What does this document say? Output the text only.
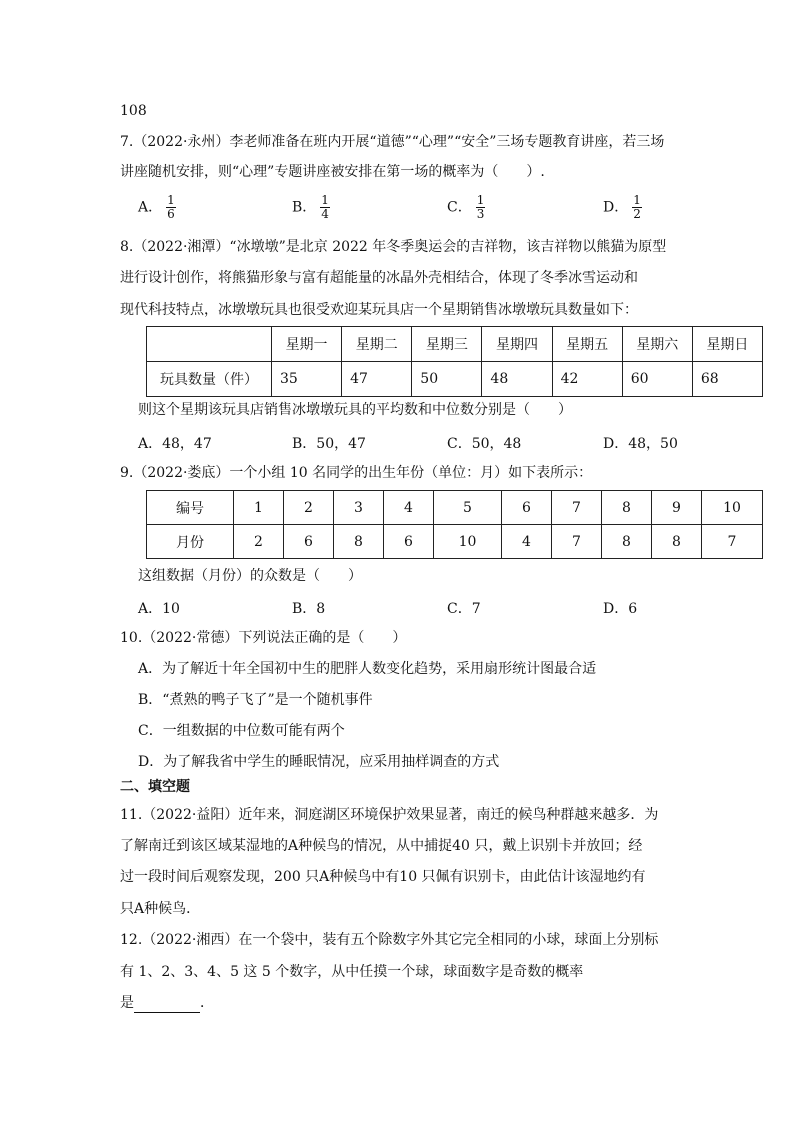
108
7.（2022·永州）李老师准备在班内开展“道德”“心理”“安全”三场专题教育讲座，若三场
讲座随机安排，则“心理”专题讲座被安排在第一场的概率为（　　）.
A． $\frac{1}{6}$	B． $\frac{1}{4}$	C． $\frac{1}{3}$	D． $\frac{1}{2}$
8.（2022·湘潭）“冰墩墩”是北京 2022 年冬季奥运会的吉祥物，该吉祥物以熊猫为原型
进行设计创作，将熊猫形象与富有超能量的冰晶外壳相结合，体现了冬季冰雪运动和
现代科技特点，冰墩墩玩具也很受欢迎某玩具店一个星期销售冰墩墩玩具数量如下：
	星期一	星期二	星期三	星期四	星期五	星期六	星期日
玩具数量（件）	35	47	50	48	42	60	68
则这个星期该玩具店销售冰墩墩玩具的平均数和中位数分别是（　　）
A．48，47	B．50，47	C．50，48	D．48，50
9.（2022·娄底）一个小组 10 名同学的出生年份（单位：月）如下表所示：
编号	1	2	3	4	5	6	7	8	9	10
月份	2	6	8	6	10	4	7	8	8	7
这组数据（月份）的众数是（　　）
A．10	B．8	C．7	D．6
10.（2022·常德）下列说法正确的是（　　）
A．为了解近十年全国初中生的肥胖人数变化趋势，采用扇形统计图最合适
B．“煮熟的鸭子飞了”是一个随机事件
C．一组数据的中位数可能有两个
D．为了解我省中学生的睡眠情况，应采用抽样调查的方式
二、填空题
11.（2022·益阳）近年来，洞庭湖区环境保护效果显著，南迁的候鸟种群越来越多．为
了解南迁到该区域某湿地的A种候鸟的情况，从中捕捉40 只，戴上识别卡并放回；经
过一段时间后观察发现，200 只A种候鸟中有10 只佩有识别卡，由此估计该湿地约有
只A种候鸟．
12.（2022·湘西）在一个袋中，装有五个除数字外其它完全相同的小球，球面上分别标
有 1、2、3、4、5 这 5 个数字，从中任摸一个球，球面数字是奇数的概率
是	．
